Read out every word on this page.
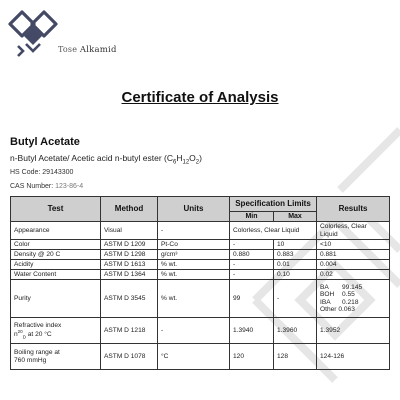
Tose Alkamid
Certificate of Analysis
Butyl Acetate
n-Butyl Acetate/ Acetic acid n-butyl ester $(C_6H_{12}O_2)$
HS Code: 29143300
CAS Number: 123-86-4
Test	Method	Units	Specification Limits		Results
			Min	Max	
Appearance	Visual	-	Colorless, Clear Liquid		Colorless, Clear Liquid
Color	ASTM D 1209	Pt-Co	-	10	<10
Density @ 20 C	ASTM D 1298	g/cm³	0.880	0.883	0.881
Acidity	ASTM D 1613	% wt.	-	0.01	0.004
Water Content	ASTM D 1364	% wt.	-	0.10	0.02
Purity	ASTM D 3545	% wt.	99	-	BA 99.145
BOH 0.55
IBA 0.218
Other 0.063

Refractive index
$n^{20}_D$ at 20 °C	ASTM D 1218	-	1.3940	1.3960	1.3952

Boiling range at
760 mmHg	ASTM D 1078	°C	120	128	124-126
